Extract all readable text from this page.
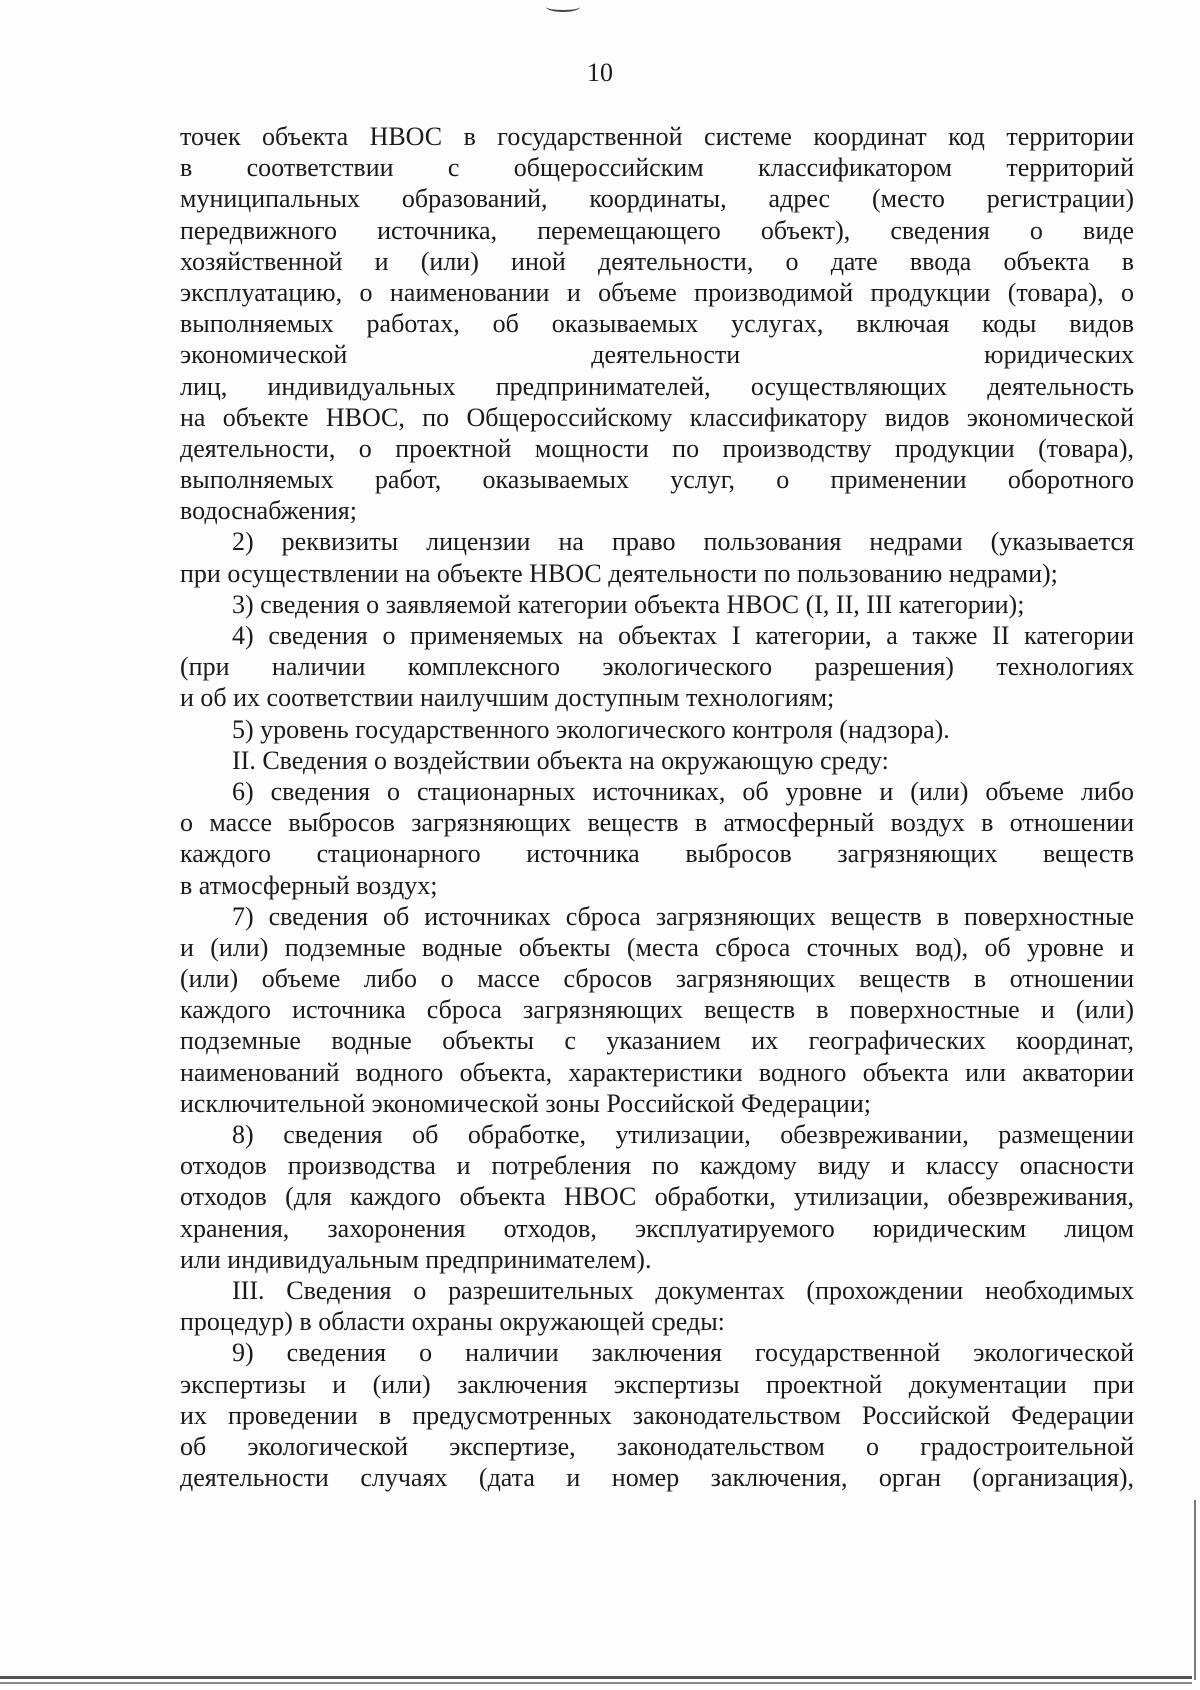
10
точек объекта НВОС в государственной системе координат код территории
в соответствии с общероссийским классификатором территорий
муниципальных образований, координаты, адрес (место регистрации)
передвижного источника, перемещающего объект), сведения о виде
хозяйственной и (или) иной деятельности, о дате ввода объекта в
эксплуатацию, о наименовании и объеме производимой продукции (товара), о
выполняемых работах, об оказываемых услугах, включая коды видов
экономической деятельности юридических
лиц, индивидуальных предпринимателей, осуществляющих деятельность
на объекте НВОС, по Общероссийскому классификатору видов экономической
деятельности, о проектной мощности по производству продукции (товара),
выполняемых работ, оказываемых услуг, о применении оборотного
водоснабжения;
2) реквизиты лицензии на право пользования недрами (указывается
при осуществлении на объекте НВОС деятельности по пользованию недрами);
3) сведения о заявляемой категории объекта НВОС (I, II, III категории);
4) сведения о применяемых на объектах I категории, а также II категории
(при наличии комплексного экологического разрешения) технологиях
и об их соответствии наилучшим доступным технологиям;
5) уровень государственного экологического контроля (надзора).
II. Сведения о воздействии объекта на окружающую среду:
6) сведения о стационарных источниках, об уровне и (или) объеме либо
о массе выбросов загрязняющих веществ в атмосферный воздух в отношении
каждого стационарного источника выбросов загрязняющих веществ
в атмосферный воздух;
7) сведения об источниках сброса загрязняющих веществ в поверхностные
и (или) подземные водные объекты (места сброса сточных вод), об уровне и
(или) объеме либо о массе сбросов загрязняющих веществ в отношении
каждого источника сброса загрязняющих веществ в поверхностные и (или)
подземные водные объекты с указанием их географических координат,
наименований водного объекта, характеристики водного объекта или акватории
исключительной экономической зоны Российской Федерации;
8) сведения об обработке, утилизации, обезвреживании, размещении
отходов производства и потребления по каждому виду и классу опасности
отходов (для каждого объекта НВОС обработки, утилизации, обезвреживания,
хранения, захоронения отходов, эксплуатируемого юридическим лицом
или индивидуальным предпринимателем).
III. Сведения о разрешительных документах (прохождении необходимых
процедур) в области охраны окружающей среды:
9) сведения о наличии заключения государственной экологической
экспертизы и (или) заключения экспертизы проектной документации при
их проведении в предусмотренных законодательством Российской Федерации
об экологической экспертизе, законодательством о градостроительной
деятельности случаях (дата и номер заключения, орган (организация),
